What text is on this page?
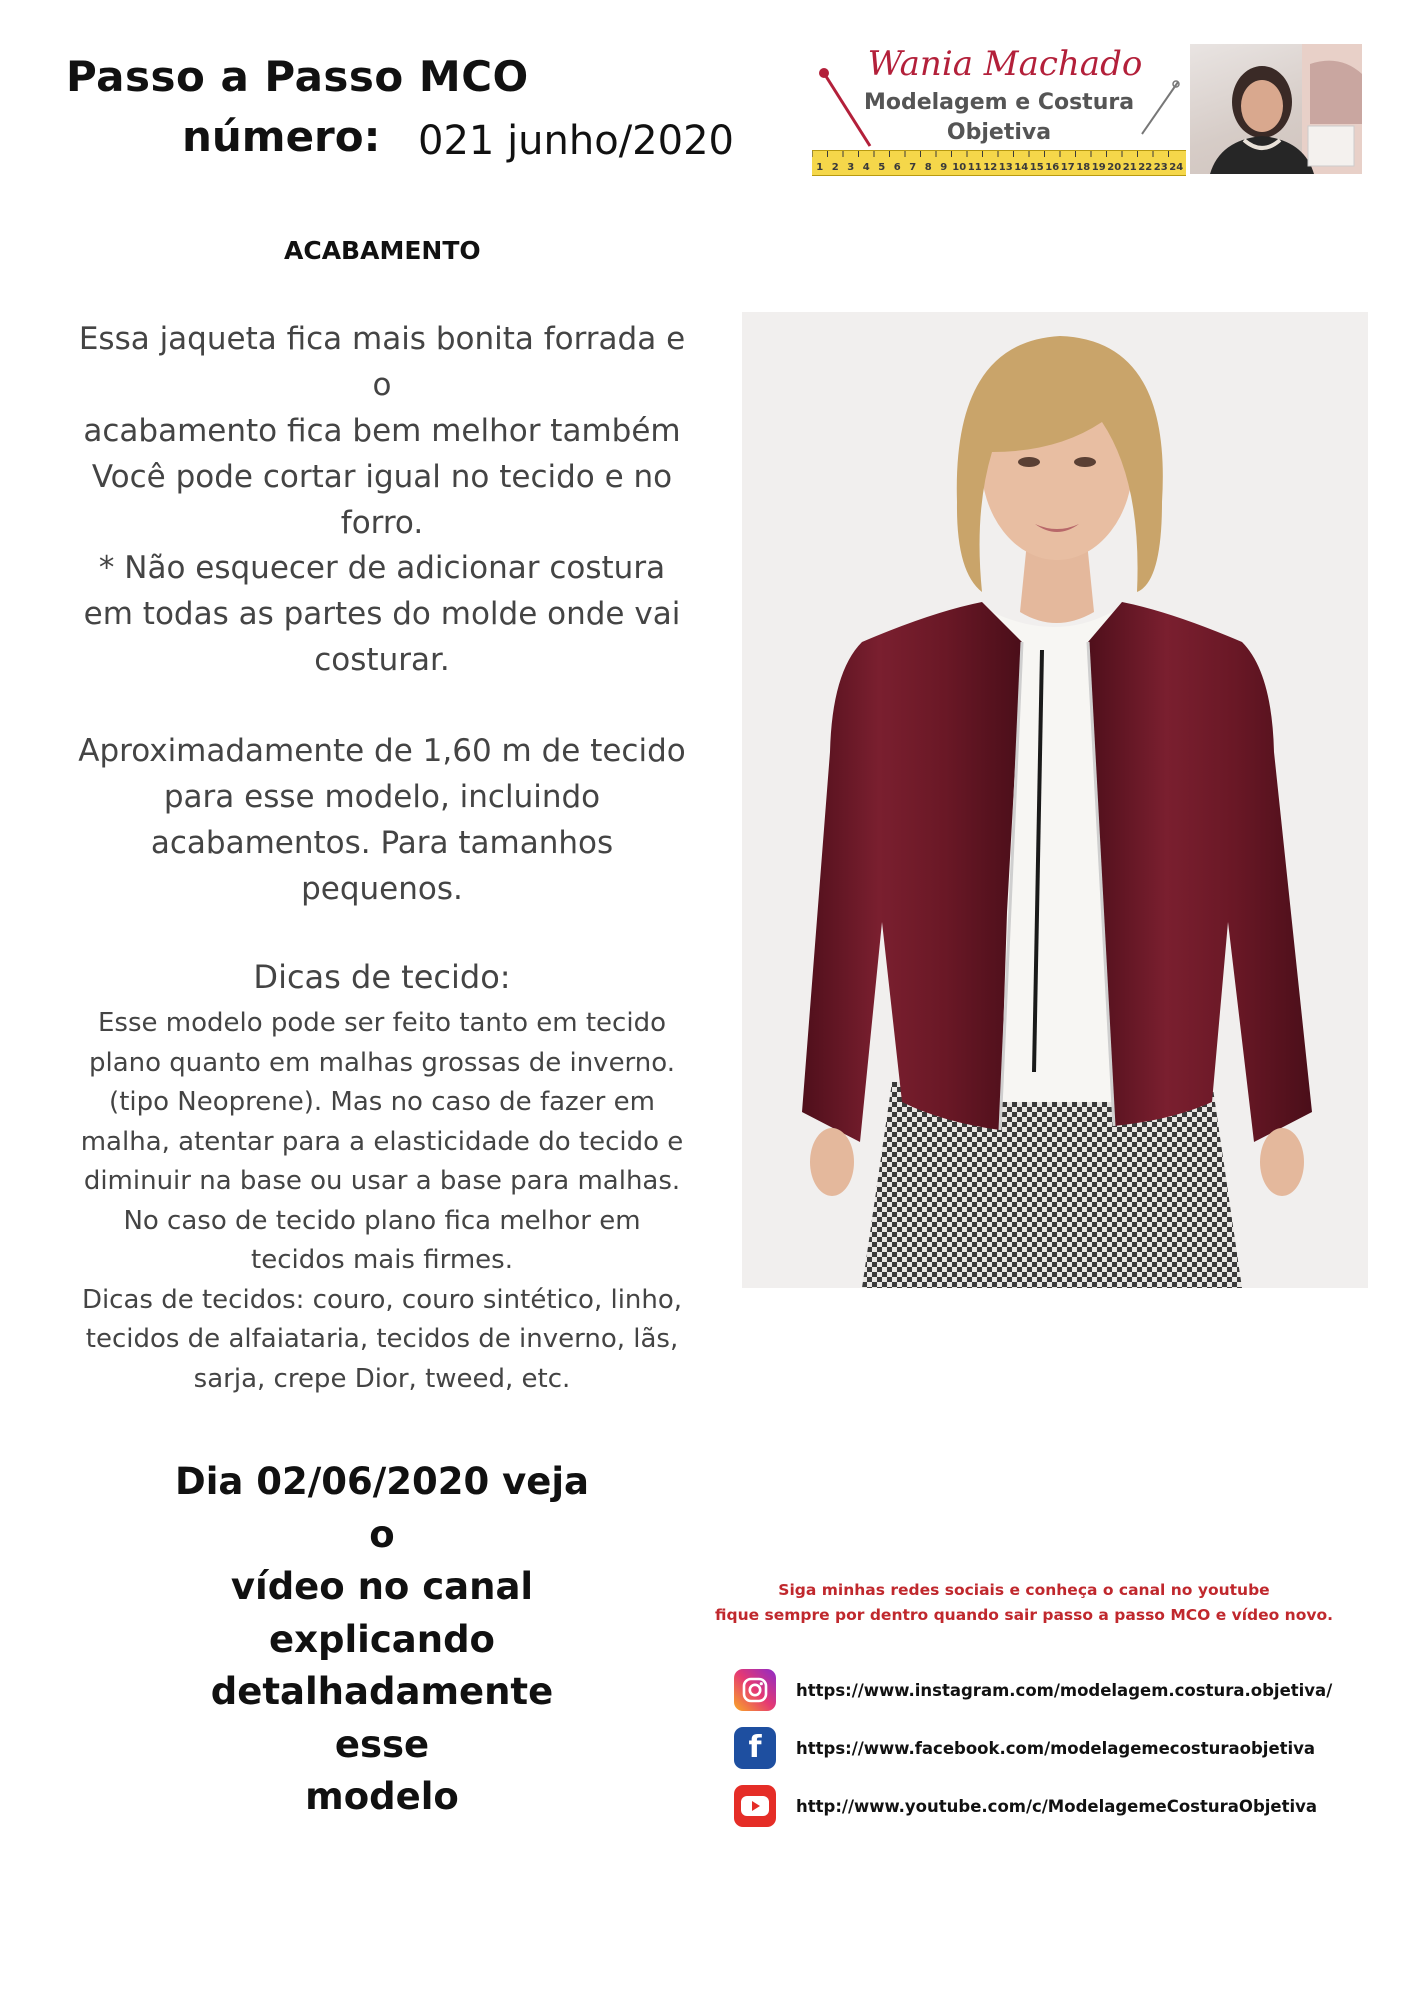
Passo a Passo MCO
número: 021 junho/2020
Wania Machado
Modelagem e Costura
Objetiva
1 2 3 4 5 6 7 8 9 10 11 12 13 14 15 16 17 18 19 20 21 22 23 24
ACABAMENTO
Essa jaqueta fica mais bonita forrada e o
acabamento fica bem melhor também
Você pode cortar igual no tecido e no
forro.
* Não esquecer de adicionar costura
em todas as partes do molde onde vai
costurar.
Aproximadamente de 1,60 m de tecido
para esse modelo, incluindo
acabamentos. Para tamanhos
pequenos.
Dicas de tecido:
Esse modelo pode ser feito tanto em tecido
plano quanto em malhas grossas de inverno.
(tipo Neoprene). Mas no caso de fazer em
malha, atentar para a elasticidade do tecido e
diminuir na base ou usar a base para malhas.
No caso de tecido plano fica melhor em
tecidos mais firmes.
Dicas de tecidos: couro, couro sintético, linho,
tecidos de alfaiataria, tecidos de inverno, lãs,
sarja, crepe Dior, tweed, etc.
Dia 02/06/2020 veja o
vídeo no canal
explicando
detalhadamente esse
modelo
Siga minhas redes sociais e conheça o canal no youtube
fique sempre por dentro quando sair passo a passo MCO e vídeo novo.
https://www.instagram.com/modelagem.costura.objetiva/
f https://www.facebook.com/modelagemecosturaobjetiva
http://www.youtube.com/c/ModelagemeCosturaObjetiva
